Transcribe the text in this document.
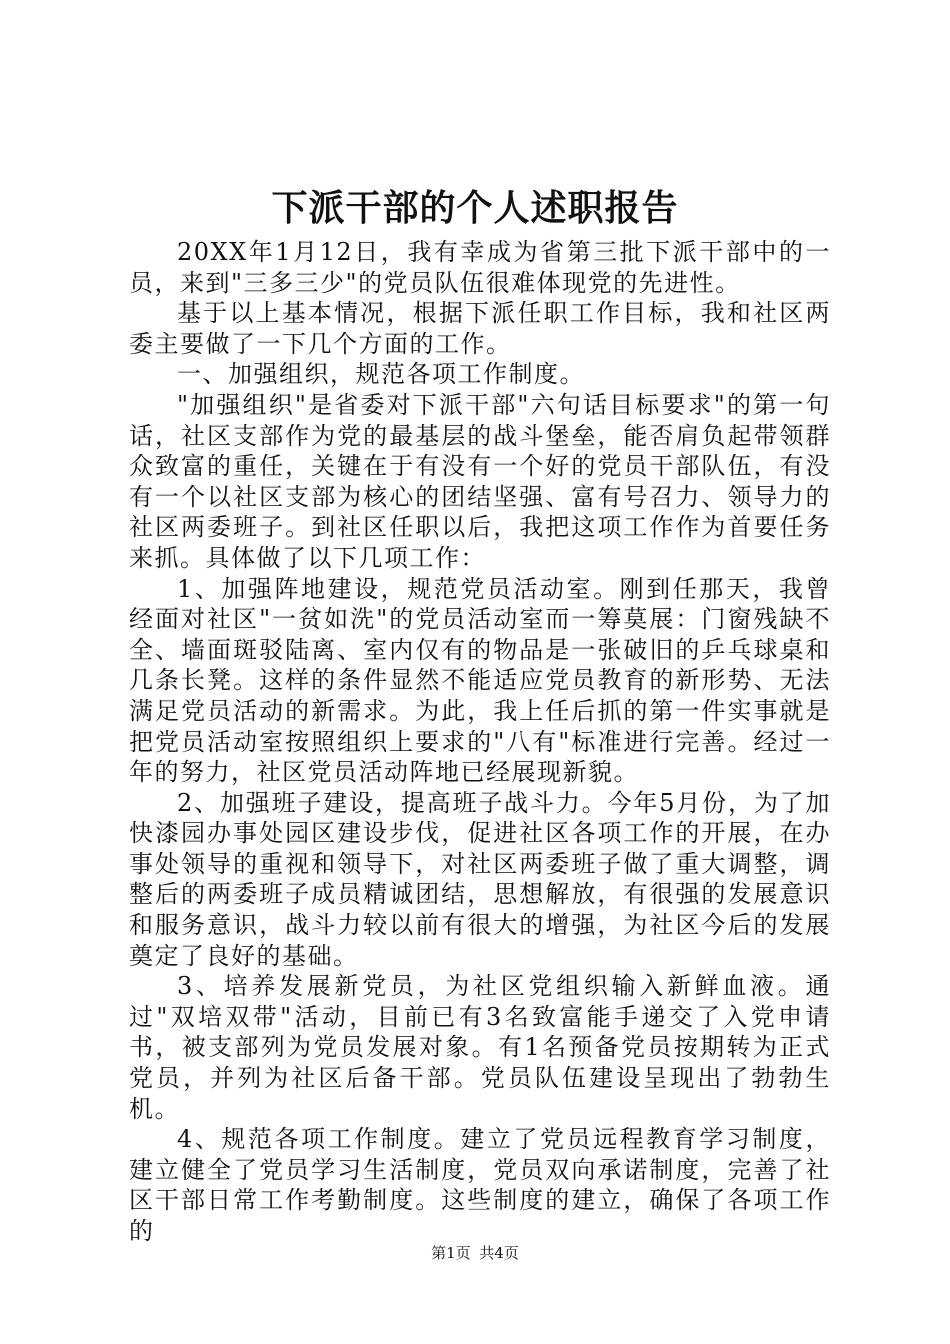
下派干部的个人述职报告

20XX年1月12日，我有幸成为省第三批下派干部中的一员，来到"三多三少"的党员队伍很难体现党的先进性。

基于以上基本情况，根据下派任职工作目标，我和社区两委主要做了一下几个方面的工作。

一、加强组织，规范各项工作制度。

"加强组织"是省委对下派干部"六句话目标要求"的第一句话，社区支部作为党的最基层的战斗堡垒，能否肩负起带领群众致富的重任，关键在于有没有一个好的党员干部队伍，有没有一个以社区支部为核心的团结坚强、富有号召力、领导力的社区两委班子。到社区任职以后，我把这项工作作为首要任务来抓。具体做了以下几项工作：

1、加强阵地建设，规范党员活动室。刚到任那天，我曾经面对社区"一贫如洗"的党员活动室而一筹莫展：门窗残缺不全、墙面斑驳陆离、室内仅有的物品是一张破旧的乒乓球桌和几条长凳。这样的条件显然不能适应党员教育的新形势、无法满足党员活动的新需求。为此，我上任后抓的第一件实事就是把党员活动室按照组织上要求的"八有"标准进行完善。经过一年的努力，社区党员活动阵地已经展现新貌。

2、加强班子建设，提高班子战斗力。今年5月份，为了加快漆园办事处园区建设步伐，促进社区各项工作的开展，在办事处领导的重视和领导下，对社区两委班子做了重大调整，调整后的两委班子成员精诚团结，思想解放，有很强的发展意识和服务意识，战斗力较以前有很大的增强，为社区今后的发展奠定了良好的基础。

3、培养发展新党员，为社区党组织输入新鲜血液。通过"双培双带"活动，目前已有3名致富能手递交了入党申请书，被支部列为党员发展对象。有1名预备党员按期转为正式党员，并列为社区后备干部。党员队伍建设呈现出了勃勃生机。

4、规范各项工作制度。建立了党员远程教育学习制度，建立健全了党员学习生活制度，党员双向承诺制度，完善了社区干部日常工作考勤制度。这些制度的建立，确保了各项工作的

第1页 共4页
